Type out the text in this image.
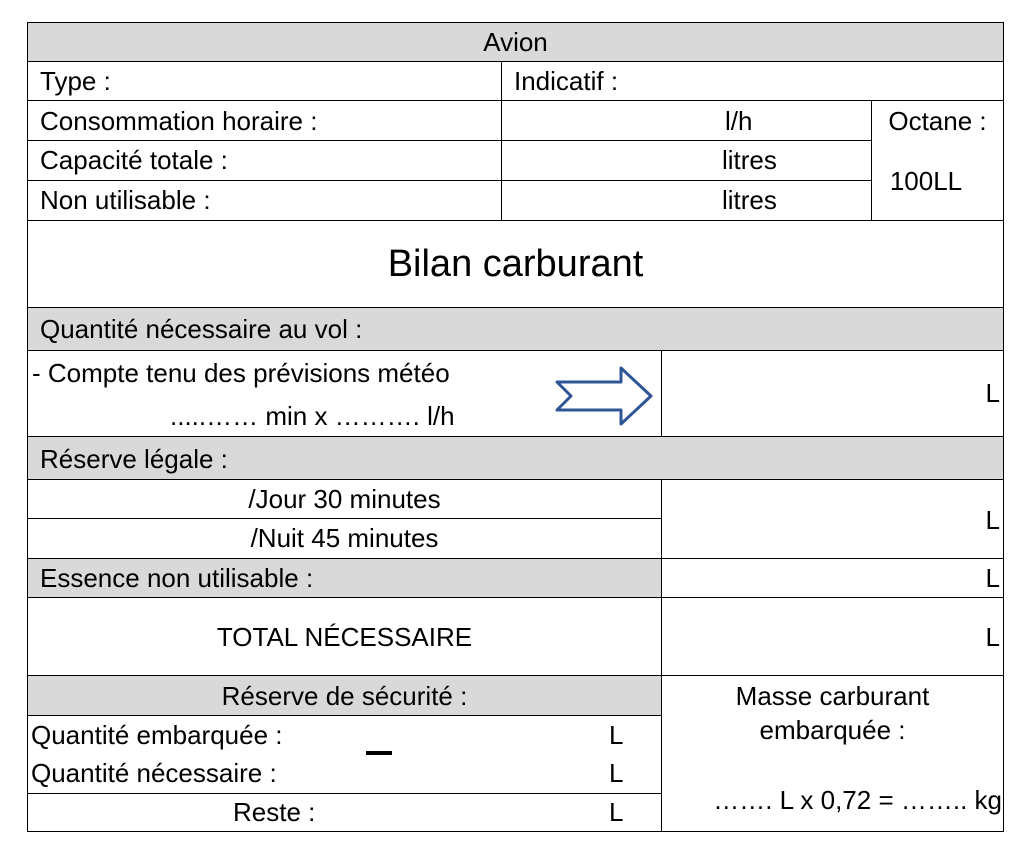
Avion
Type :	Indicatif :
Consommation horaire :	l/h
Capacité totale :	litres
Non utilisable :	litres
Octane :
100LL
Bilan carburant
Quantité nécessaire au vol :
- Compte tenu des prévisions météo
.....…… min x ………. l/h
L
Réserve légale :
/Jour 30 minutes
/Nuit 45 minutes
L
Essence non utilisable :	L
TOTAL NÉCESSAIRE	L
Réserve de sécurité :
Quantité embarquée :	L
Quantité nécessaire :	L
Reste :	L
Masse carburant
embarquée :
……. L x 0,72 = …….. kg
